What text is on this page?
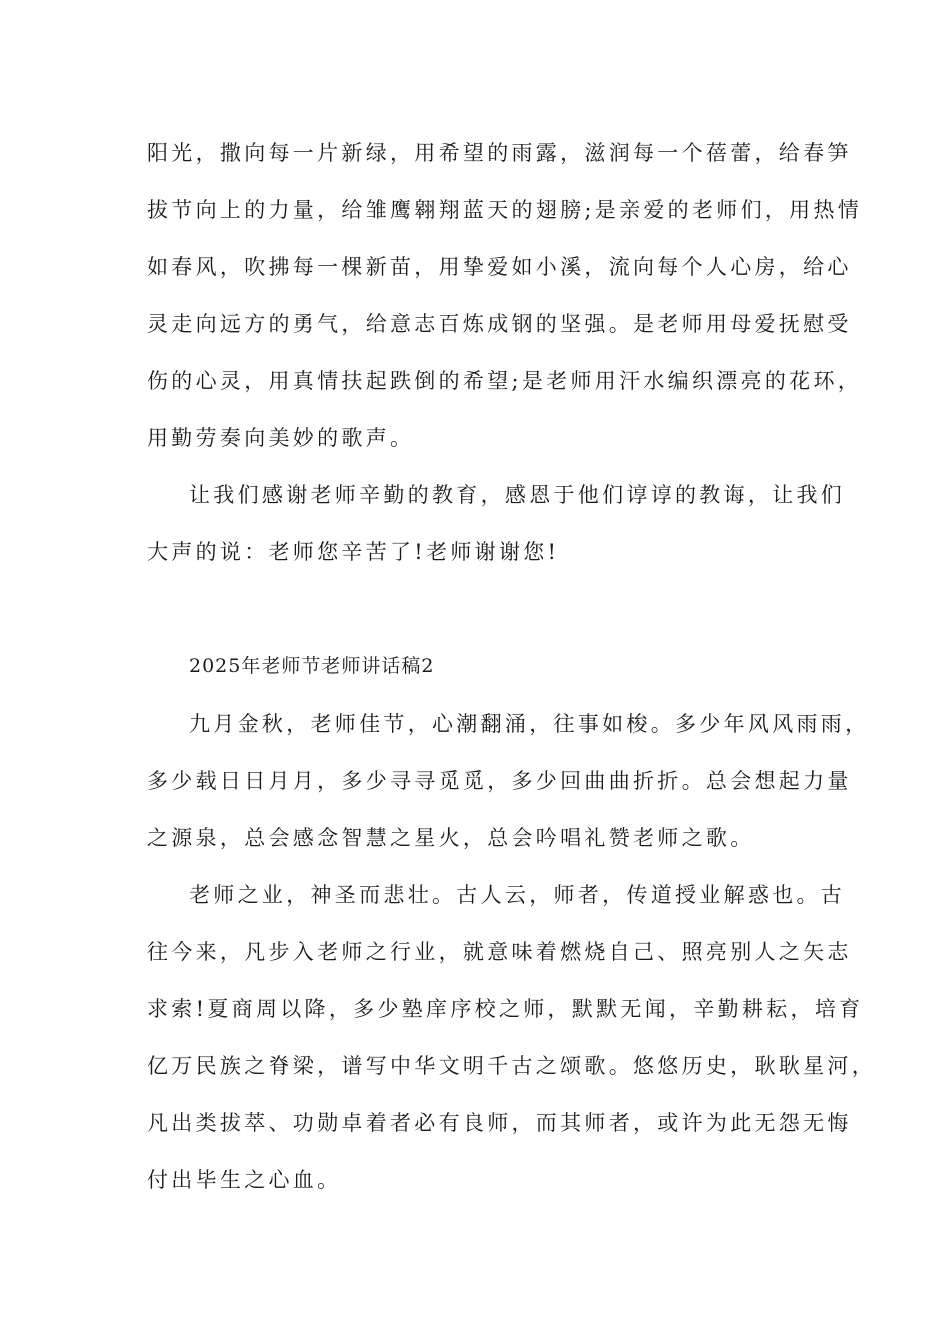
阳光，撒向每一片新绿，用希望的雨露，滋润每一个蓓蕾，给春笋
拔节向上的力量，给雏鹰翱翔蓝天的翅膀;是亲爱的老师们，用热情
如春风，吹拂每一棵新苗，用挚爱如小溪，流向每个人心房，给心
灵走向远方的勇气，给意志百炼成钢的坚强。是老师用母爱抚慰受
伤的心灵，用真情扶起跌倒的希望;是老师用汗水编织漂亮的花环，
用勤劳奏向美妙的歌声。
让我们感谢老师辛勤的教育，感恩于他们谆谆的教诲，让我们
大声的说：老师您辛苦了!老师谢谢您!
2025年老师节老师讲话稿2
九月金秋，老师佳节，心潮翻涌，往事如梭。多少年风风雨雨，
多少载日日月月，多少寻寻觅觅，多少回曲曲折折。总会想起力量
之源泉，总会感念智慧之星火，总会吟唱礼赞老师之歌。
老师之业，神圣而悲壮。古人云，师者，传道授业解惑也。古
往今来，凡步入老师之行业，就意味着燃烧自己、照亮别人之矢志
求索!夏商周以降，多少塾庠序校之师，默默无闻，辛勤耕耘，培育
亿万民族之脊梁，谱写中华文明千古之颂歌。悠悠历史，耿耿星河，
凡出类拔萃、功勋卓着者必有良师，而其师者，或许为此无怨无悔
付出毕生之心血。
